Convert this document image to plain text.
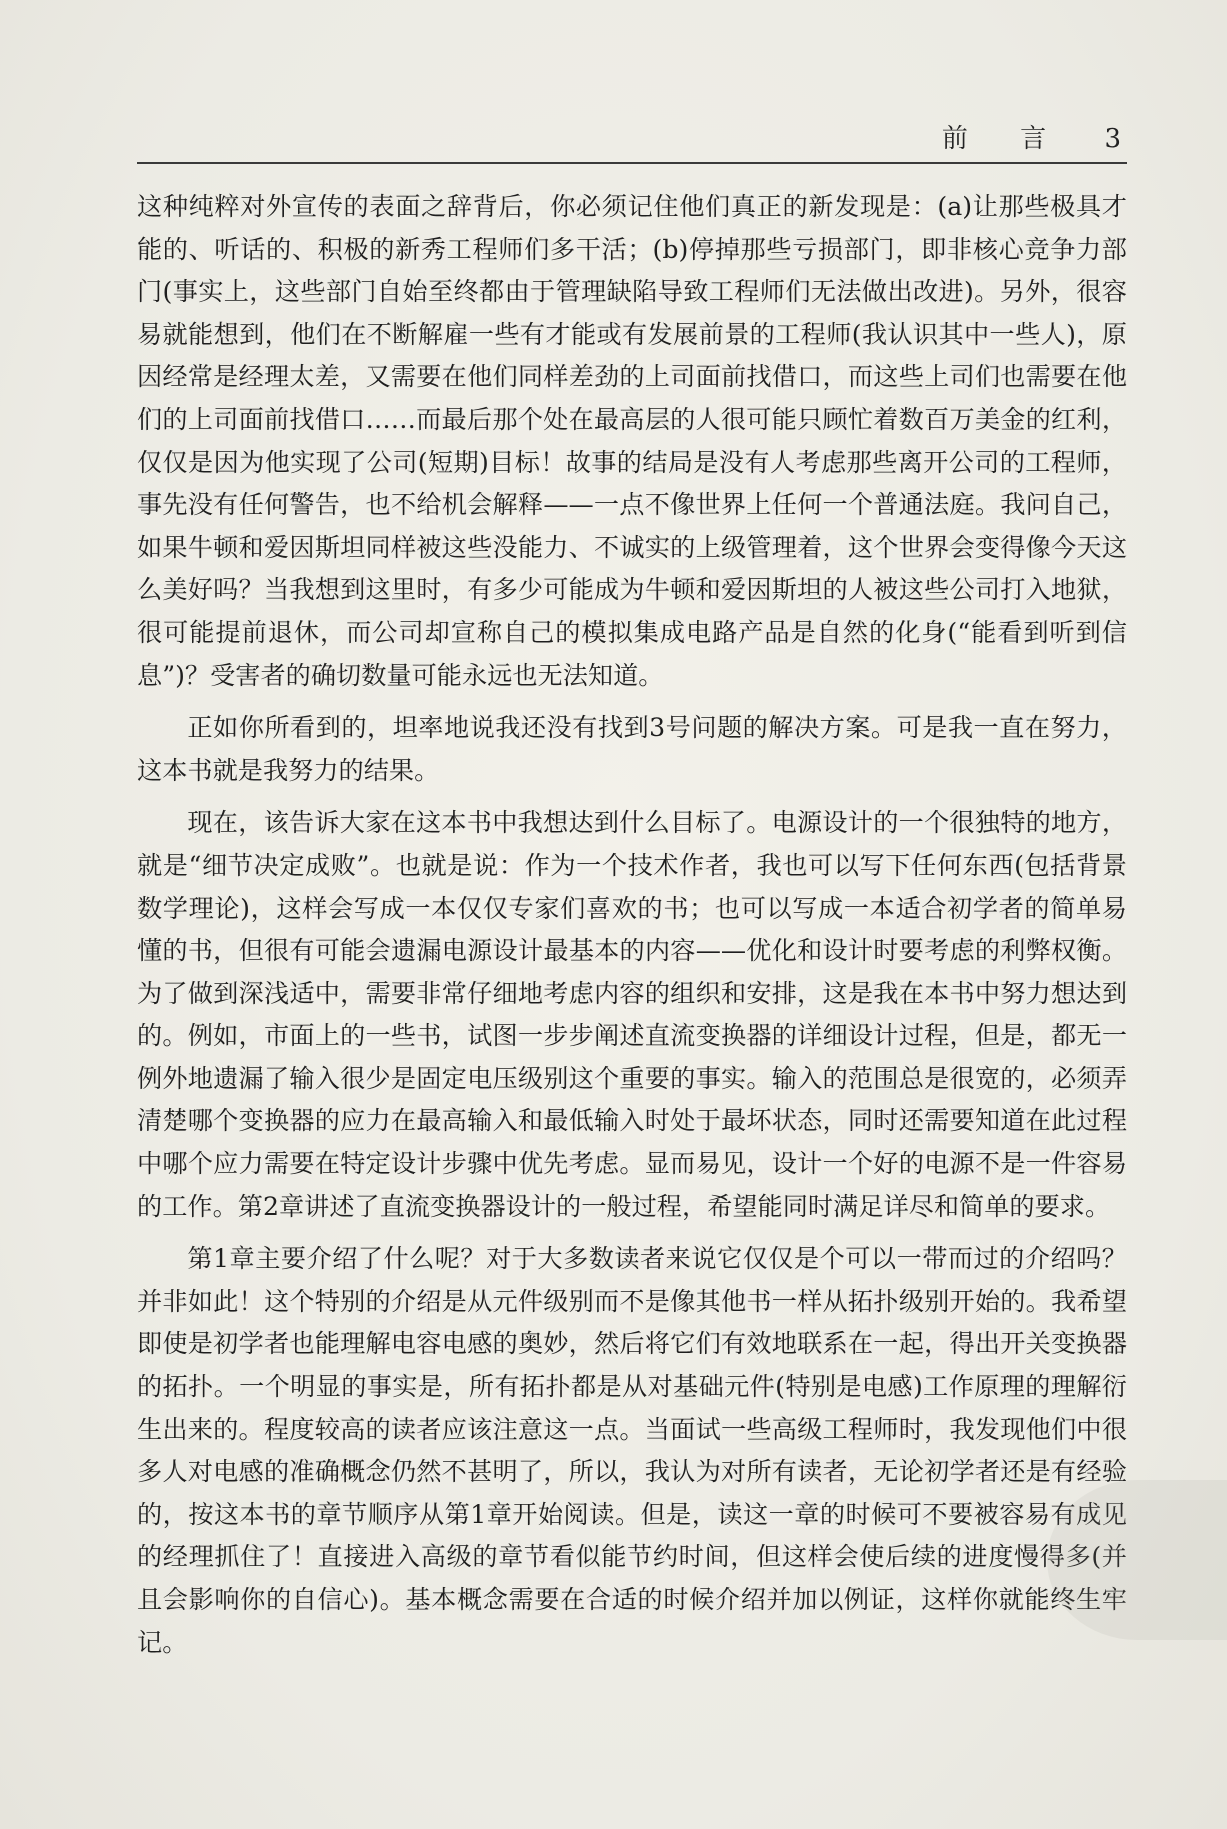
前 言 3

这种纯粹对外宣传的表面之辞背后，你必须记住他们真正的新发现是：(a)让那些极具才能的、听话的、积极的新秀工程师们多干活；(b)停掉那些亏损部门，即非核心竞争力部门(事实上，这些部门自始至终都由于管理缺陷导致工程师们无法做出改进)。另外，很容易就能想到，他们在不断解雇一些有才能或有发展前景的工程师(我认识其中一些人)，原因经常是经理太差，又需要在他们同样差劲的上司面前找借口，而这些上司们也需要在他们的上司面前找借口……而最后那个处在最高层的人很可能只顾忙着数百万美金的红利，仅仅是因为他实现了公司(短期)目标！故事的结局是没有人考虑那些离开公司的工程师，事先没有任何警告，也不给机会解释——一点不像世界上任何一个普通法庭。我问自己，如果牛顿和爱因斯坦同样被这些没能力、不诚实的上级管理着，这个世界会变得像今天这么美好吗？当我想到这里时，有多少可能成为牛顿和爱因斯坦的人被这些公司打入地狱，很可能提前退休，而公司却宣称自己的模拟集成电路产品是自然的化身(“能看到听到信息”)？受害者的确切数量可能永远也无法知道。

正如你所看到的，坦率地说我还没有找到3号问题的解决方案。可是我一直在努力，这本书就是我努力的结果。

现在，该告诉大家在这本书中我想达到什么目标了。电源设计的一个很独特的地方，就是“细节决定成败”。也就是说：作为一个技术作者，我也可以写下任何东西(包括背景数学理论)，这样会写成一本仅仅专家们喜欢的书；也可以写成一本适合初学者的简单易懂的书，但很有可能会遗漏电源设计最基本的内容——优化和设计时要考虑的利弊权衡。为了做到深浅适中，需要非常仔细地考虑内容的组织和安排，这是我在本书中努力想达到的。例如，市面上的一些书，试图一步步阐述直流变换器的详细设计过程，但是，都无一例外地遗漏了输入很少是固定电压级别这个重要的事实。输入的范围总是很宽的，必须弄清楚哪个变换器的应力在最高输入和最低输入时处于最坏状态，同时还需要知道在此过程中哪个应力需要在特定设计步骤中优先考虑。显而易见，设计一个好的电源不是一件容易的工作。第2章讲述了直流变换器设计的一般过程，希望能同时满足详尽和简单的要求。

第1章主要介绍了什么呢？对于大多数读者来说它仅仅是个可以一带而过的介绍吗？并非如此！这个特别的介绍是从元件级别而不是像其他书一样从拓扑级别开始的。我希望即使是初学者也能理解电容电感的奥妙，然后将它们有效地联系在一起，得出开关变换器的拓扑。一个明显的事实是，所有拓扑都是从对基础元件(特别是电感)工作原理的理解衍生出来的。程度较高的读者应该注意这一点。当面试一些高级工程师时，我发现他们中很多人对电感的准确概念仍然不甚明了，所以，我认为对所有读者，无论初学者还是有经验的，按这本书的章节顺序从第1章开始阅读。但是，读这一章的时候可不要被容易有成见的经理抓住了！直接进入高级的章节看似能节约时间，但这样会使后续的进度慢得多(并且会影响你的自信心)。基本概念需要在合适的时候介绍并加以例证，这样你就能终生牢记。
